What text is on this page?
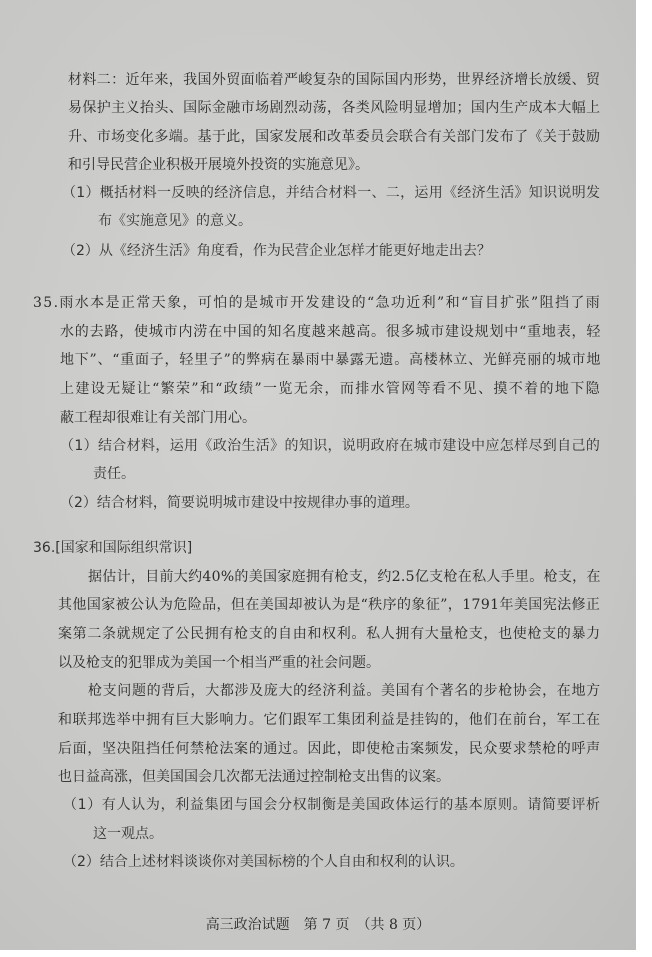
材料二：近年来，我国外贸面临着严峻复杂的国际国内形势，世界经济增长放缓、贸
易保护主义抬头、国际金融市场剧烈动荡，各类风险明显增加；国内生产成本大幅上
升、市场变化多端。基于此，国家发展和改革委员会联合有关部门发布了《关于鼓励
和引导民营企业积极开展境外投资的实施意见》。
（1）概括材料一反映的经济信息，并结合材料一、二，运用《经济生活》知识说明发
布《实施意见》的意义。
（2）从《经济生活》角度看，作为民营企业怎样才能更好地走出去？
35.雨水本是正常天象，可怕的是城市开发建设的“急功近利”和“盲目扩张”阻挡了雨
水的去路，使城市内涝在中国的知名度越来越高。很多城市建设规划中“重地表，轻
地下”、“重面子，轻里子”的弊病在暴雨中暴露无遗。高楼林立、光鲜亮丽的城市地
上建设无疑让“繁荣”和“政绩”一览无余，而排水管网等看不见、摸不着的地下隐
蔽工程却很难让有关部门用心。
（1）结合材料，运用《政治生活》的知识，说明政府在城市建设中应怎样尽到自己的
责任。
（2）结合材料，简要说明城市建设中按规律办事的道理。
36.[国家和国际组织常识]
据估计，目前大约40%的美国家庭拥有枪支，约2.5亿支枪在私人手里。枪支，在
其他国家被公认为危险品，但在美国却被认为是“秩序的象征”，1791年美国宪法修正
案第二条就规定了公民拥有枪支的自由和权利。私人拥有大量枪支，也使枪支的暴力
以及枪支的犯罪成为美国一个相当严重的社会问题。
枪支问题的背后，大都涉及庞大的经济利益。美国有个著名的步枪协会，在地方
和联邦选举中拥有巨大影响力。它们跟军工集团利益是挂钩的，他们在前台，军工在
后面，坚决阻挡任何禁枪法案的通过。因此，即使枪击案频发，民众要求禁枪的呼声
也日益高涨，但美国国会几次都无法通过控制枪支出售的议案。
（1）有人认为，利益集团与国会分权制衡是美国政体运行的基本原则。请简要评析
这一观点。
（2）结合上述材料谈谈你对美国标榜的个人自由和权利的认识。
高三政治试题　第 7 页　（共 8 页）
